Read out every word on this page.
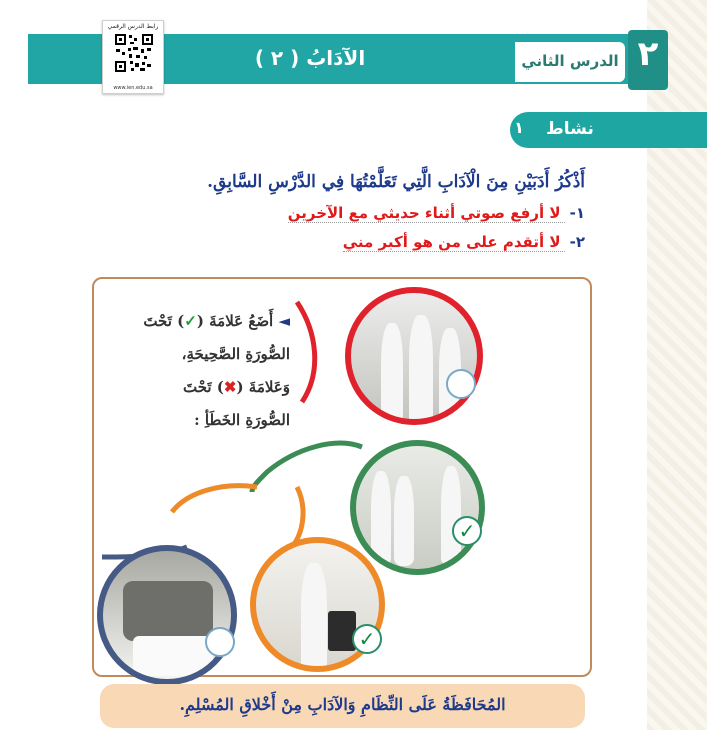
الآدَابُ ( ٢ )	الدرس الثاني ٢
رابط الدرس الرقمي
www.ien.edu.sa
نشاط
١
أَذْكُرُ أَدَبَيْنِ مِنَ الْآدَابِ الَّتِي تَعَلَّمْتُهَا فِي الدَّرْسِ السَّابِقِ.
١- لا أرفع صوتي أثناء حديثي مع الآخرين
٢- لا أتقدم على من هو أكبر مني
◄ أَضَعُ عَلامَةَ (✓) تَحْتَ
الصُّورَةِ الصَّحِيحَةِ،
وَعَلامَةَ (✖) تَحْتَ
الصُّورَةِ الخَطَأِ :
✓
✓
المُحَافَظَةُ عَلَى النِّظَامِ وَالآدَابِ مِنْ أَخْلاقِ المُسْلِمِ.
